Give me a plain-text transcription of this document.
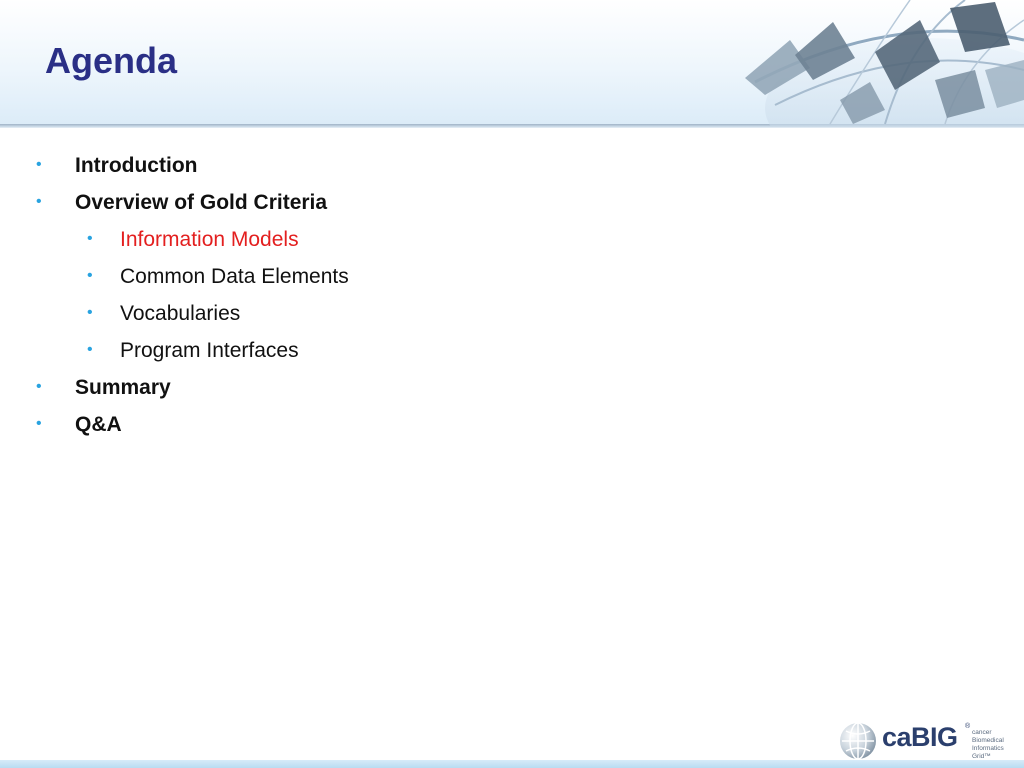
Agenda
• Introduction
• Overview of Gold Criteria
• Information Models
• Common Data Elements
• Vocabularies
• Program Interfaces
• Summary
• Q&A
caBIG ®
cancer Biomedical Informatics Grid™
